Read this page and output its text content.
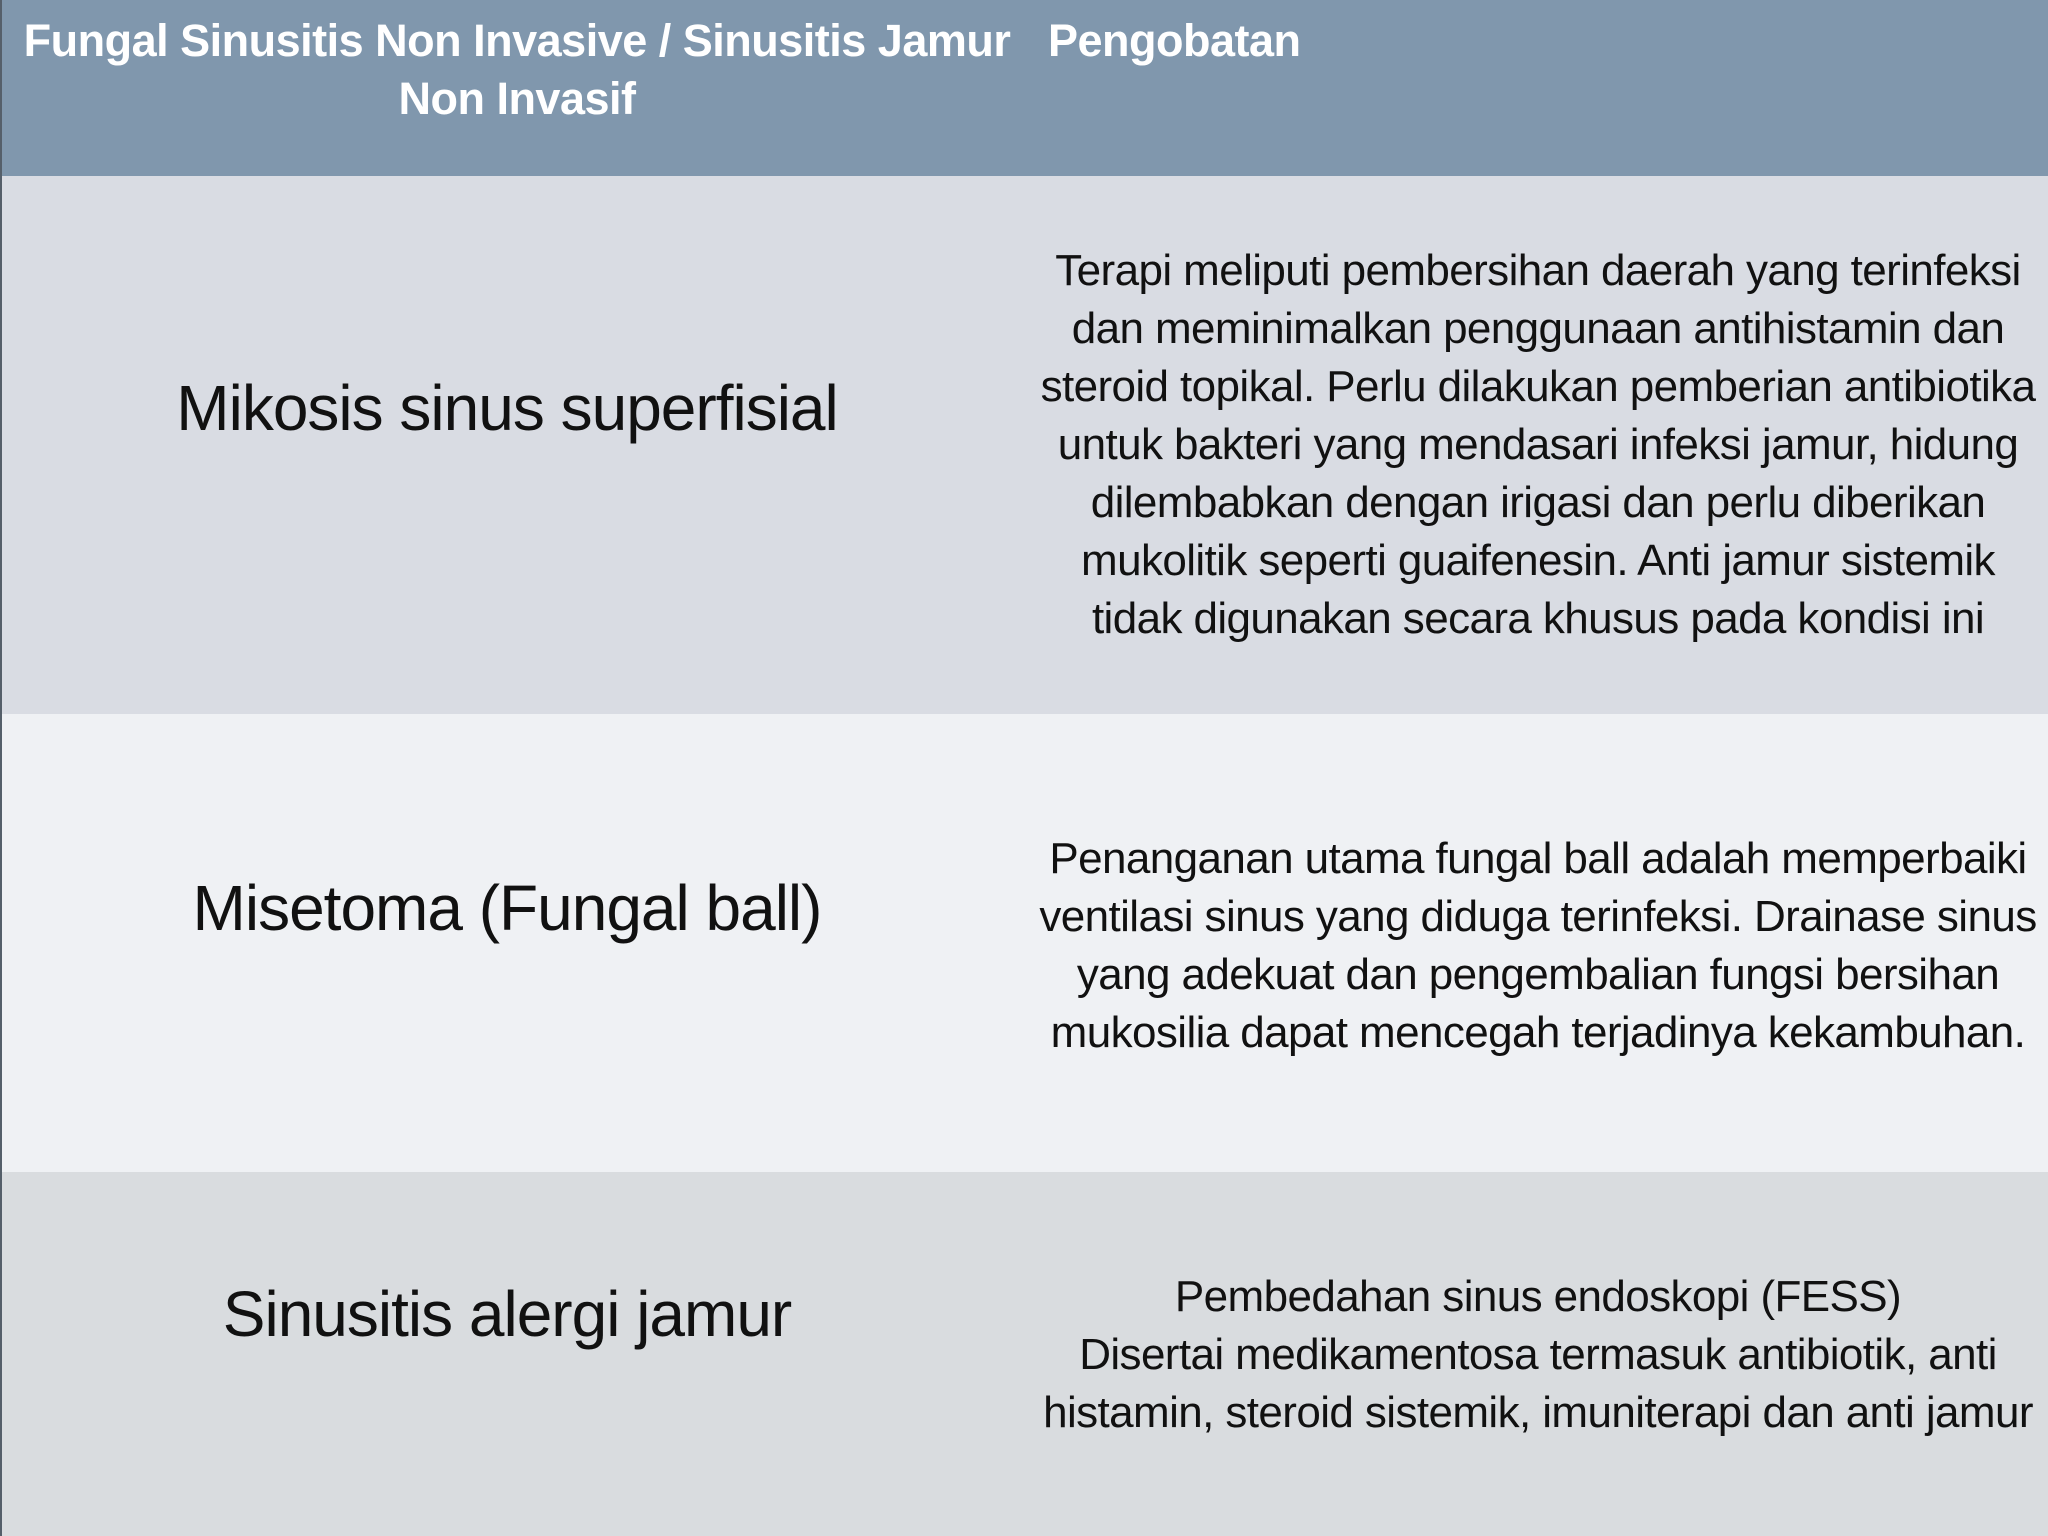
Fungal Sinusitis Non Invasive / Sinusitis Jamur
Non Invasif
Pengobatan
Mikosis sinus superfisial
Terapi meliputi pembersihan daerah yang terinfeksi
dan meminimalkan penggunaan antihistamin dan
steroid topikal. Perlu dilakukan pemberian antibiotika
untuk bakteri yang mendasari infeksi jamur, hidung
dilembabkan dengan irigasi dan perlu diberikan
mukolitik seperti guaifenesin. Anti jamur sistemik
tidak digunakan secara khusus pada kondisi ini
Misetoma (Fungal ball)
Penanganan utama fungal ball adalah memperbaiki
ventilasi sinus yang diduga terinfeksi. Drainase sinus
yang adekuat dan pengembalian fungsi bersihan
mukosilia dapat mencegah terjadinya kekambuhan.
Sinusitis alergi jamur	Pembedahan sinus endoskopi (FESS)
Disertai medikamentosa termasuk antibiotik, anti
histamin, steroid sistemik, imuniterapi dan anti jamur
